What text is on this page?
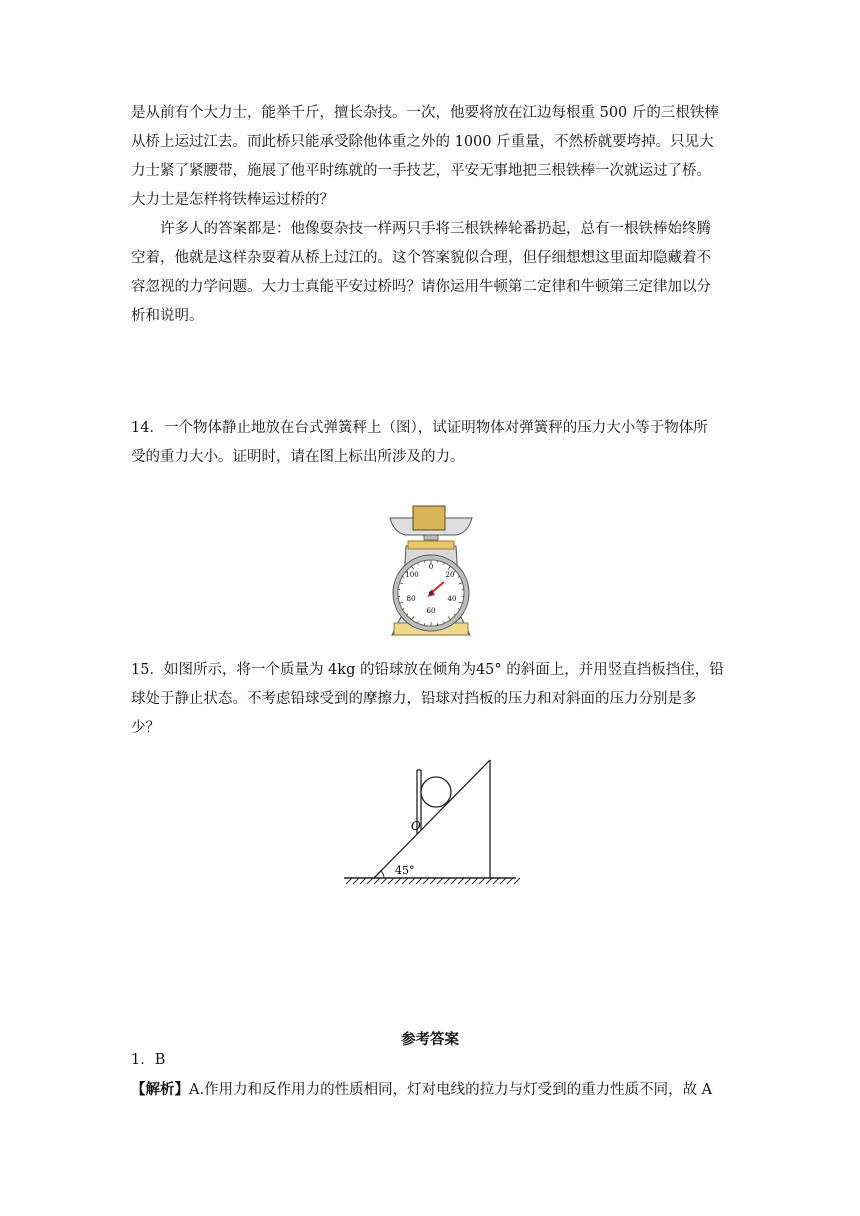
是从前有个大力士，能举千斤，擅长杂技。一次，他要将放在江边每根重 500 斤的三根铁棒
从桥上运过江去。而此桥只能承受除他体重之外的 1000 斤重量，不然桥就要垮掉。只见大
力士紧了紧腰带，施展了他平时练就的一手技艺，平安无事地把三根铁棒一次就运过了桥。
大力士是怎样将铁棒运过桥的？
许多人的答案都是：他像耍杂技一样两只手将三根铁棒轮番扔起，总有一根铁棒始终腾
空着，他就是这样杂耍着从桥上过江的。这个答案貌似合理，但仔细想想这里面却隐藏着不
容忽视的力学问题。大力士真能平安过桥吗？请你运用牛顿第二定律和牛顿第三定律加以分
析和说明。
14．一个物体静止地放在台式弹簧秤上（图），试证明物体对弹簧秤的压力大小等于物体所
受的重力大小。证明时，请在图上标出所涉及的力。
0
20
40
60
80
100
15．如图所示，将一个质量为 4kg 的铅球放在倾角为45° 的斜面上，并用竖直挡板挡住，铅
球处于静止状态。不考虑铅球受到的摩擦力，铅球对挡板的压力和对斜面的压力分别是多
少？
O
45°
参考答案
1．B
【解析】A.作用力和反作用力的性质相同，灯对电线的拉力与灯受到的重力性质不同，故 A
